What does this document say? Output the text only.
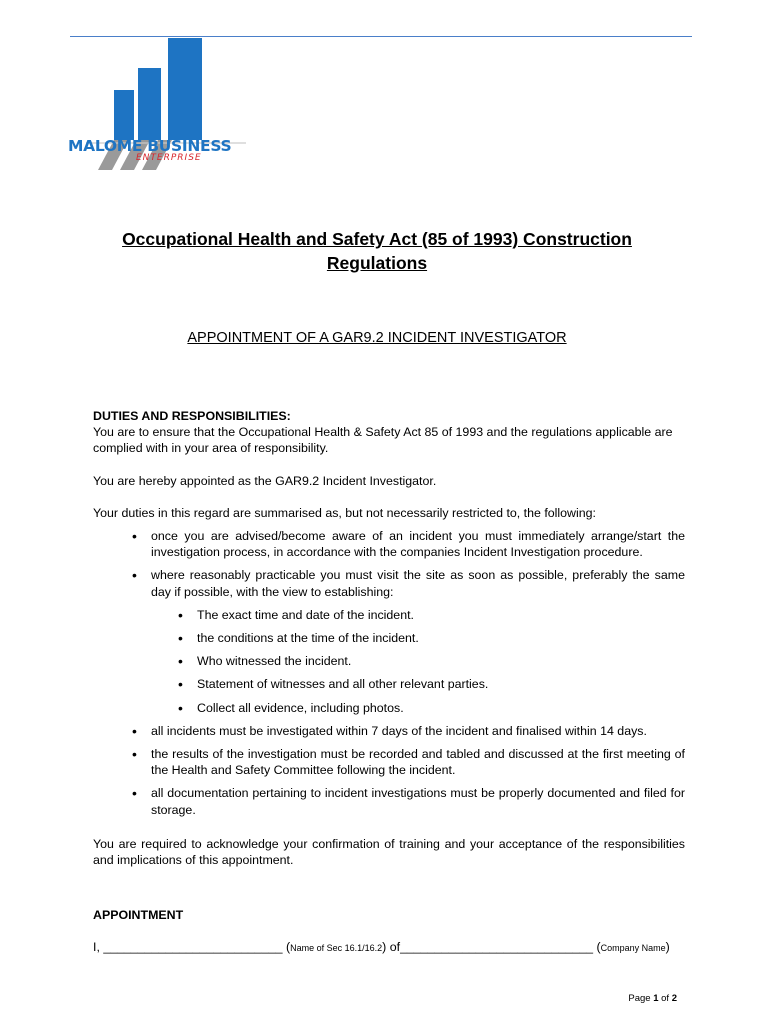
MALOME BUSINESS
ENTERPRISE
Occupational Health and Safety Act (85 of 1993) Construction
Regulations
APPOINTMENT OF A GAR9.2 INCIDENT INVESTIGATOR

DUTIES AND RESPONSIBILITIES:

You are to ensure that the Occupational Health & Safety Act 85 of 1993 and the regulations applicable are complied with in your area of responsibility.

You are hereby appointed as the GAR9.2 Incident Investigator.

Your duties in this regard are summarised as, but not necessarily restricted to, the following:

• once you are advised/become aware of an incident you must immediately arrange/start the investigation process, in accordance with the companies Incident Investigation procedure.
• where reasonably practicable you must visit the site as soon as possible, preferably the same day if possible, with the view to establishing:
• The exact time and date of the incident.
• the conditions at the time of the incident.
• Who witnessed the incident.
• Statement of witnesses and all other relevant parties.
• Collect all evidence, including photos.
• all incidents must be investigated within 7 days of the incident and finalised within 14 days.
• the results of the investigation must be recorded and tabled and discussed at the first meeting of the Health and Safety Committee following the incident.
• all documentation pertaining to incident investigations must be properly documented and filed for storage.

You are required to acknowledge your confirmation of training and your acceptance of the responsibilities and implications of this appointment.

APPOINTMENT
I, __________________________ (Name of Sec 16.1/16.2) of____________________________ (Company Name)
Page 1 of 2
